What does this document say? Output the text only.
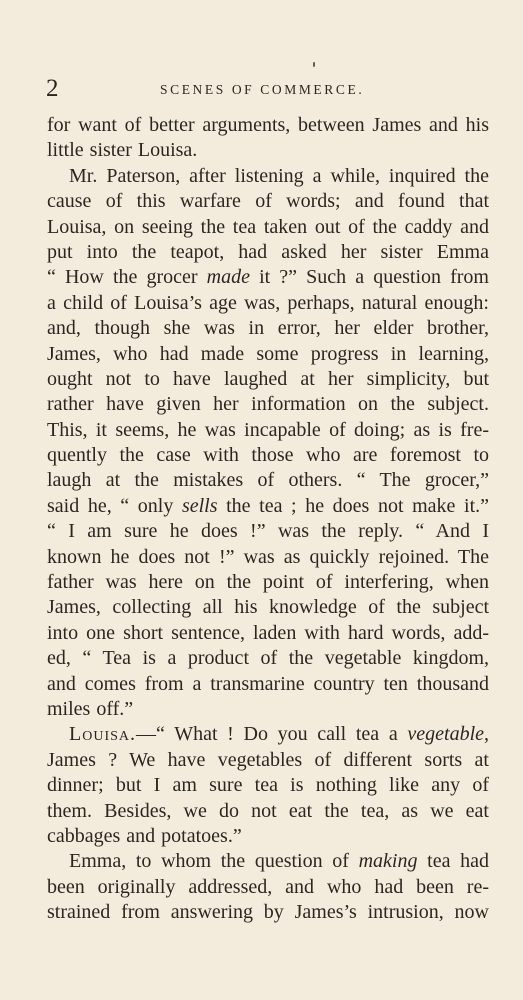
2	SCENES OF COMMERCE.
for want of better arguments, between James and his
little sister Louisa.
Mr. Paterson, after listening a while, inquired the
cause of this warfare of words; and found that
Louisa, on seeing the tea taken out of the caddy and
put into the teapot, had asked her sister Emma
“ How the grocer made it ?” Such a question from
a child of Louisa’s age was, perhaps, natural enough:
and, though she was in error, her elder brother,
James, who had made some progress in learning,
ought not to have laughed at her simplicity, but
rather have given her information on the subject.
This, it seems, he was incapable of doing; as is fre-
quently the case with those who are foremost to
laugh at the mistakes of others. “ The grocer,”
said he, “ only sells the tea ; he does not make it.”
“ I am sure he does !” was the reply. “ And I
known he does not !” was as quickly rejoined. The
father was here on the point of interfering, when
James, collecting all his knowledge of the subject
into one short sentence, laden with hard words, add-
ed, “ Tea is a product of the vegetable kingdom,
and comes from a transmarine country ten thousand
miles off.”
Louisa.—“ What ! Do you call tea a vegetable,
James ? We have vegetables of different sorts at
dinner; but I am sure tea is nothing like any of
them. Besides, we do not eat the tea, as we eat
cabbages and potatoes.”
Emma, to whom the question of making tea had
been originally addressed, and who had been re-
strained from answering by James’s intrusion, now
